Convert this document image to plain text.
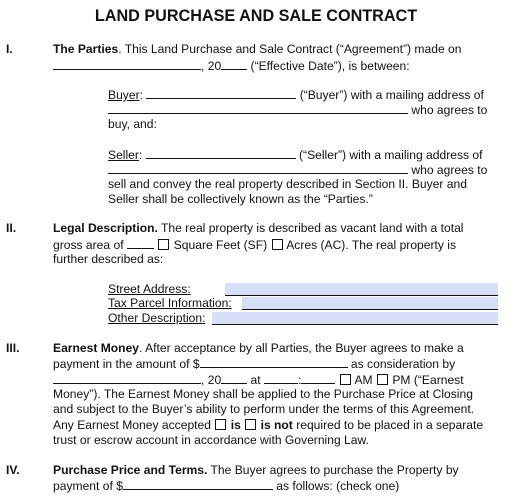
LAND PURCHASE AND SALE CONTRACT
I.	The Parties. This Land Purchase and Sale Contract (“Agreement”) made on
, 20 (“Effective Date”), is between:
Buyer:	(“Buyer”) with a mailing address of
who agrees to
buy, and:
Seller:	(“Seller”) with a mailing address of
who agrees to
sell and convey the real property described in Section II. Buyer and
Seller shall be collectively known as the “Parties.”
II.	Legal Description. The real property is described as vacant land with a total
gross area of	Square Feet (SF)  Acres (AC). The real property is
further described as:
Street Address:
Tax Parcel Information:
Other Description:
III.	Earnest Money. After acceptance by all Parties, the Buyer agrees to make a
payment in the amount of $	as consideration by
, 20 at	:	AM  PM (“Earnest
Money”). The Earnest Money shall be applied to the Purchase Price at Closing
and subject to the Buyer’s ability to perform under the terms of this Agreement.
Any Earnest Money accepted is is not required to be placed in a separate
trust or escrow account in accordance with Governing Law.
IV.	Purchase Price and Terms. The Buyer agrees to purchase the Property by
payment of $	as follows: (check one)
